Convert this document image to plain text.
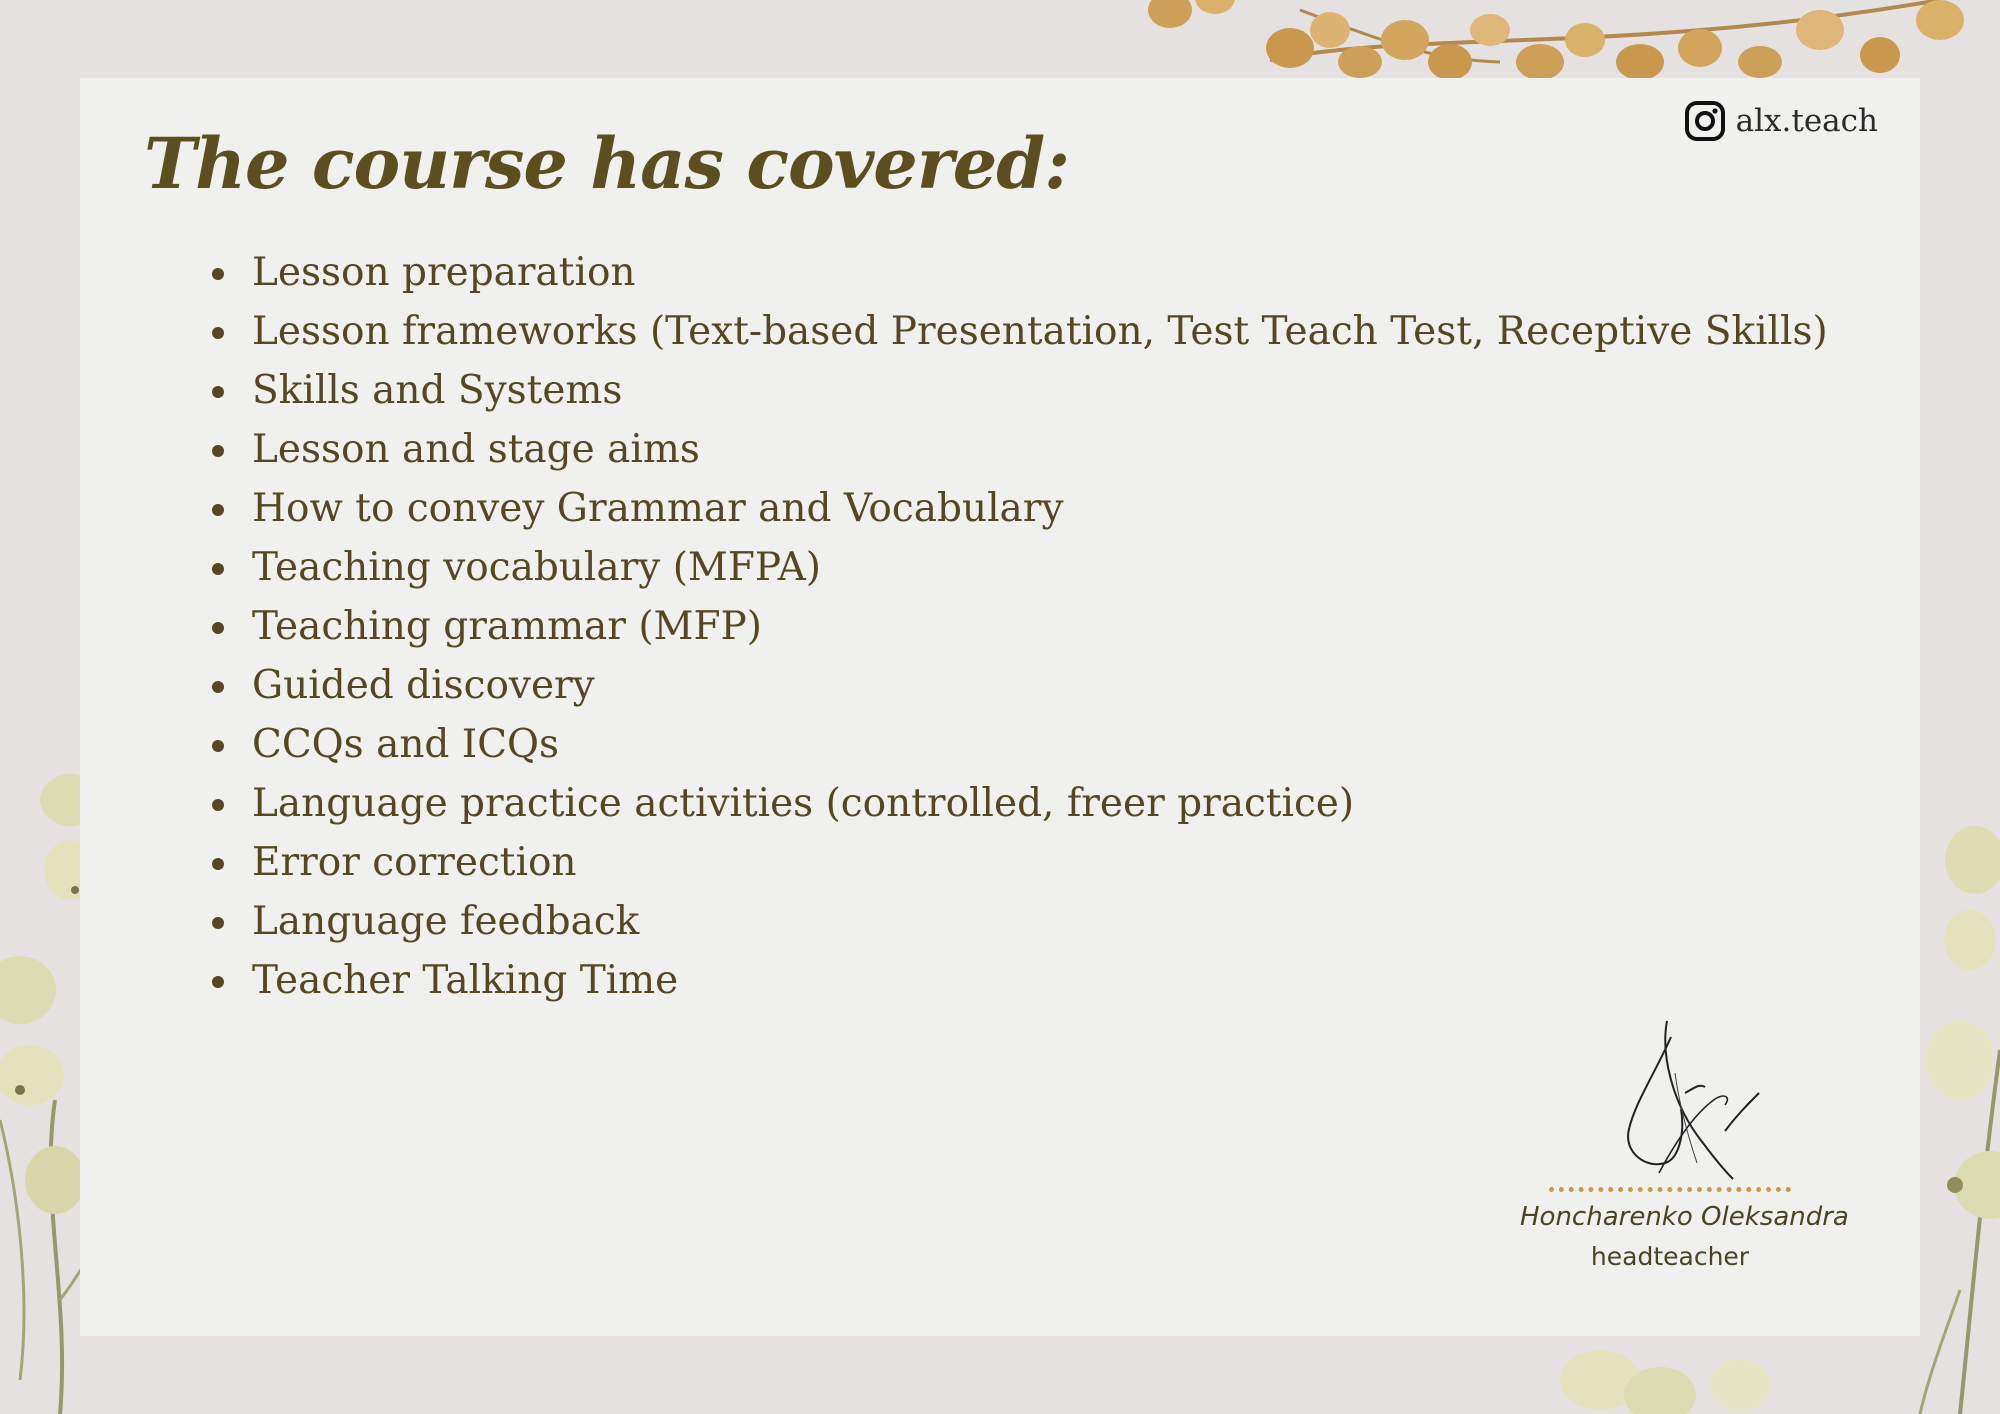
The course has covered:
alx.teach
Lesson preparation
Lesson frameworks (Text-based Presentation, Test Teach Test, Receptive Skills)
Skills and Systems
Lesson and stage aims
How to convey Grammar and Vocabulary
Teaching vocabulary (MFPA)
Teaching grammar (MFP)
Guided discovery
CCQs and ICQs
Language practice activities (controlled, freer practice)
Error correction
Language feedback
Teacher Talking Time
Honcharenko Oleksandra
headteacher
